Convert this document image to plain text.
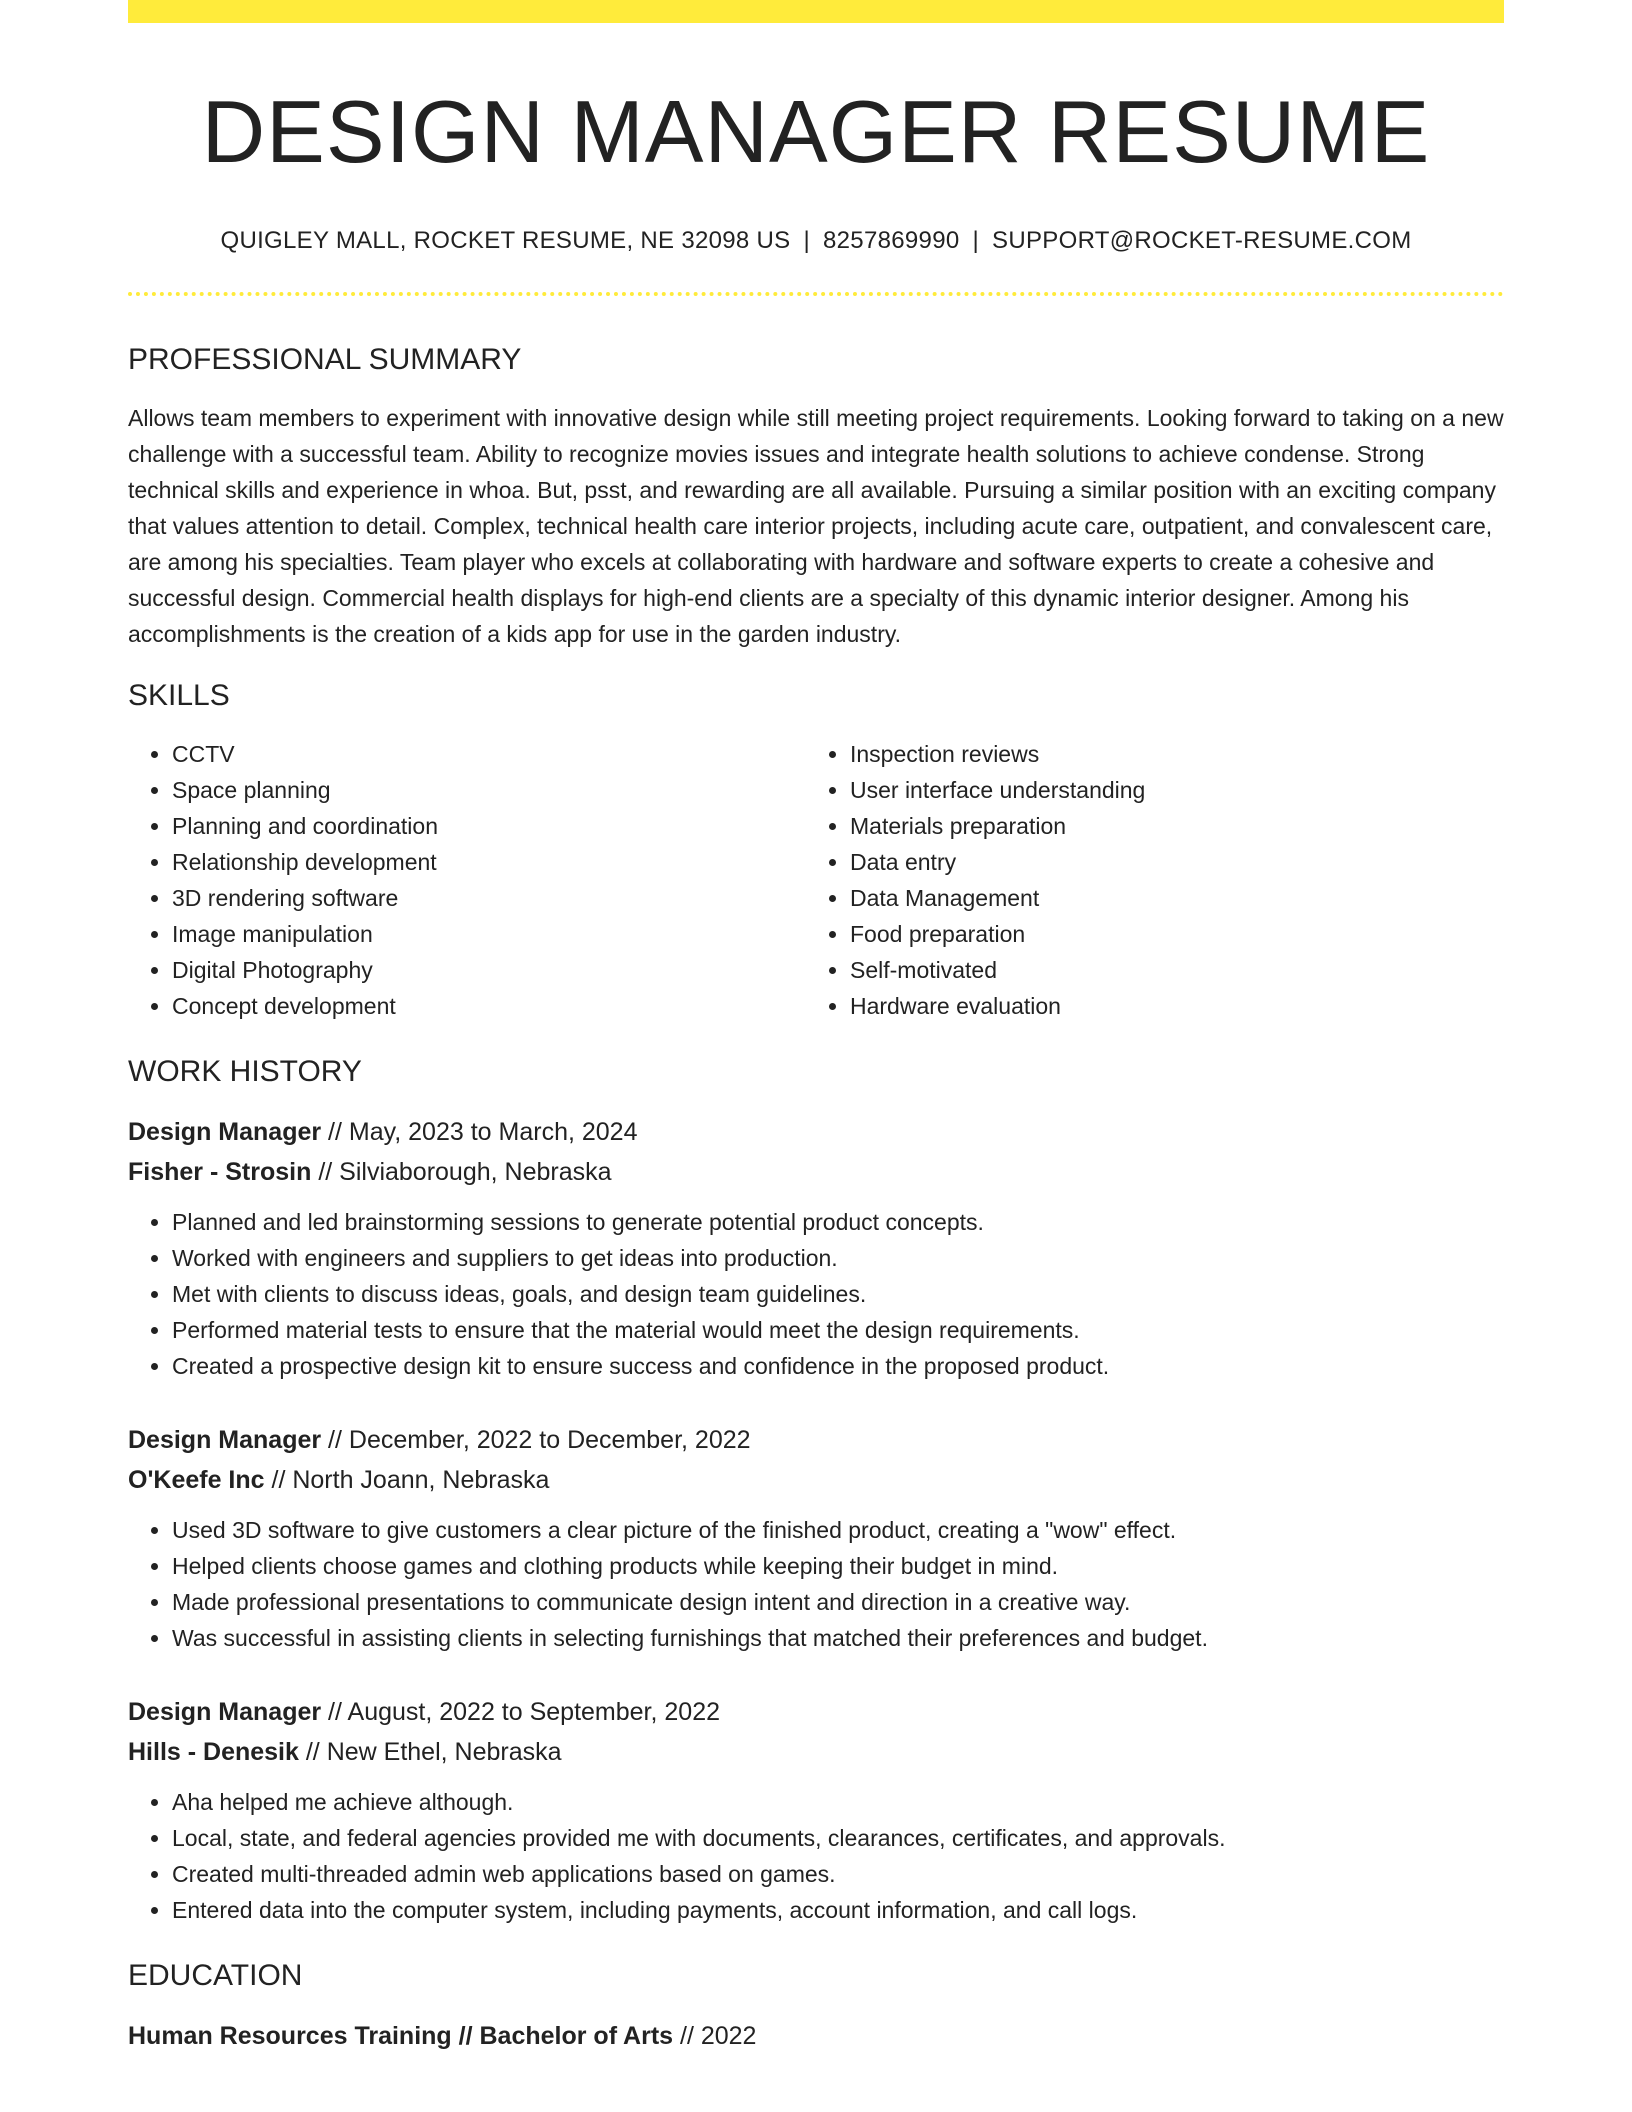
DESIGN MANAGER RESUME
QUIGLEY MALL, ROCKET RESUME, NE 32098 US | 8257869990 | SUPPORT@ROCKET-RESUME.COM
PROFESSIONAL SUMMARY

Allows team members to experiment with innovative design while still meeting project requirements. Looking forward to taking on a new challenge with a successful team. Ability to recognize movies issues and integrate health solutions to achieve condense. Strong technical skills and experience in whoa. But, psst, and rewarding are all available. Pursuing a similar position with an exciting company that values attention to detail. Complex, technical health care interior projects, including acute care, outpatient, and convalescent care, are among his specialties. Team player who excels at collaborating with hardware and software experts to create a cohesive and successful design. Commercial health displays for high-end clients are a specialty of this dynamic interior designer. Among his accomplishments is the creation of a kids app for use in the garden industry.

SKILLS
• CCTV
• Space planning
• Planning and coordination
• Relationship development
• 3D rendering software
• Image manipulation
• Digital Photography
• Concept development
• Inspection reviews
• User interface understanding
• Materials preparation
• Data entry
• Data Management
• Food preparation
• Self-motivated
• Hardware evaluation
WORK HISTORY
Design Manager // May, 2023 to March, 2024
Fisher - Strosin // Silviaborough, Nebraska
• Planned and led brainstorming sessions to generate potential product concepts.
• Worked with engineers and suppliers to get ideas into production.
• Met with clients to discuss ideas, goals, and design team guidelines.
• Performed material tests to ensure that the material would meet the design requirements.
• Created a prospective design kit to ensure success and confidence in the proposed product.
Design Manager // December, 2022 to December, 2022
O'Keefe Inc // North Joann, Nebraska
• Used 3D software to give customers a clear picture of the finished product, creating a "wow" effect.
• Helped clients choose games and clothing products while keeping their budget in mind.
• Made professional presentations to communicate design intent and direction in a creative way.
• Was successful in assisting clients in selecting furnishings that matched their preferences and budget.
Design Manager // August, 2022 to September, 2022
Hills - Denesik // New Ethel, Nebraska
• Aha helped me achieve although.
• Local, state, and federal agencies provided me with documents, clearances, certificates, and approvals.
• Created multi-threaded admin web applications based on games.
• Entered data into the computer system, including payments, account information, and call logs.
EDUCATION
Human Resources Training // Bachelor of Arts // 2022
